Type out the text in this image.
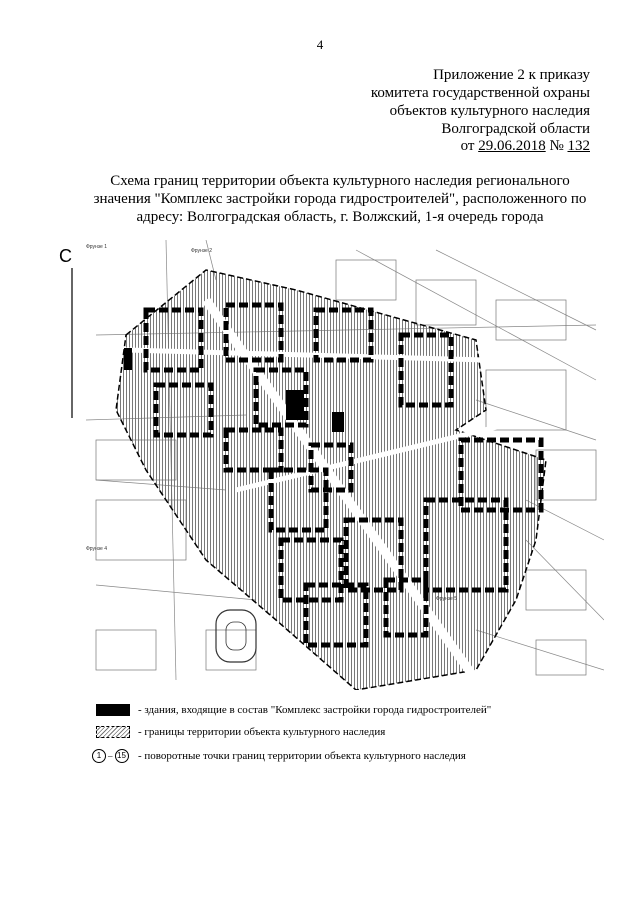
4
Приложение 2 к приказу
комитета государственной охраны
объектов культурного наследия
Волгоградской области
от 29.06.2018 № 132
Схема границ территории объекта культурного наследия регионального
значения "Комплекс застройки города гидростроителей", расположенного по
адресу: Волгоградская область, г. Волжский, 1-я очередь города
С	Фрунзе 1
Фрунзе 2
Фрунзе 4
Фрунзе 5
- здания, входящие в состав "Комплекс застройки города гидростроителей"
- границы территории объекта культурного наследия
1 – 15 - поворотные точки границ территории объекта культурного наследия
